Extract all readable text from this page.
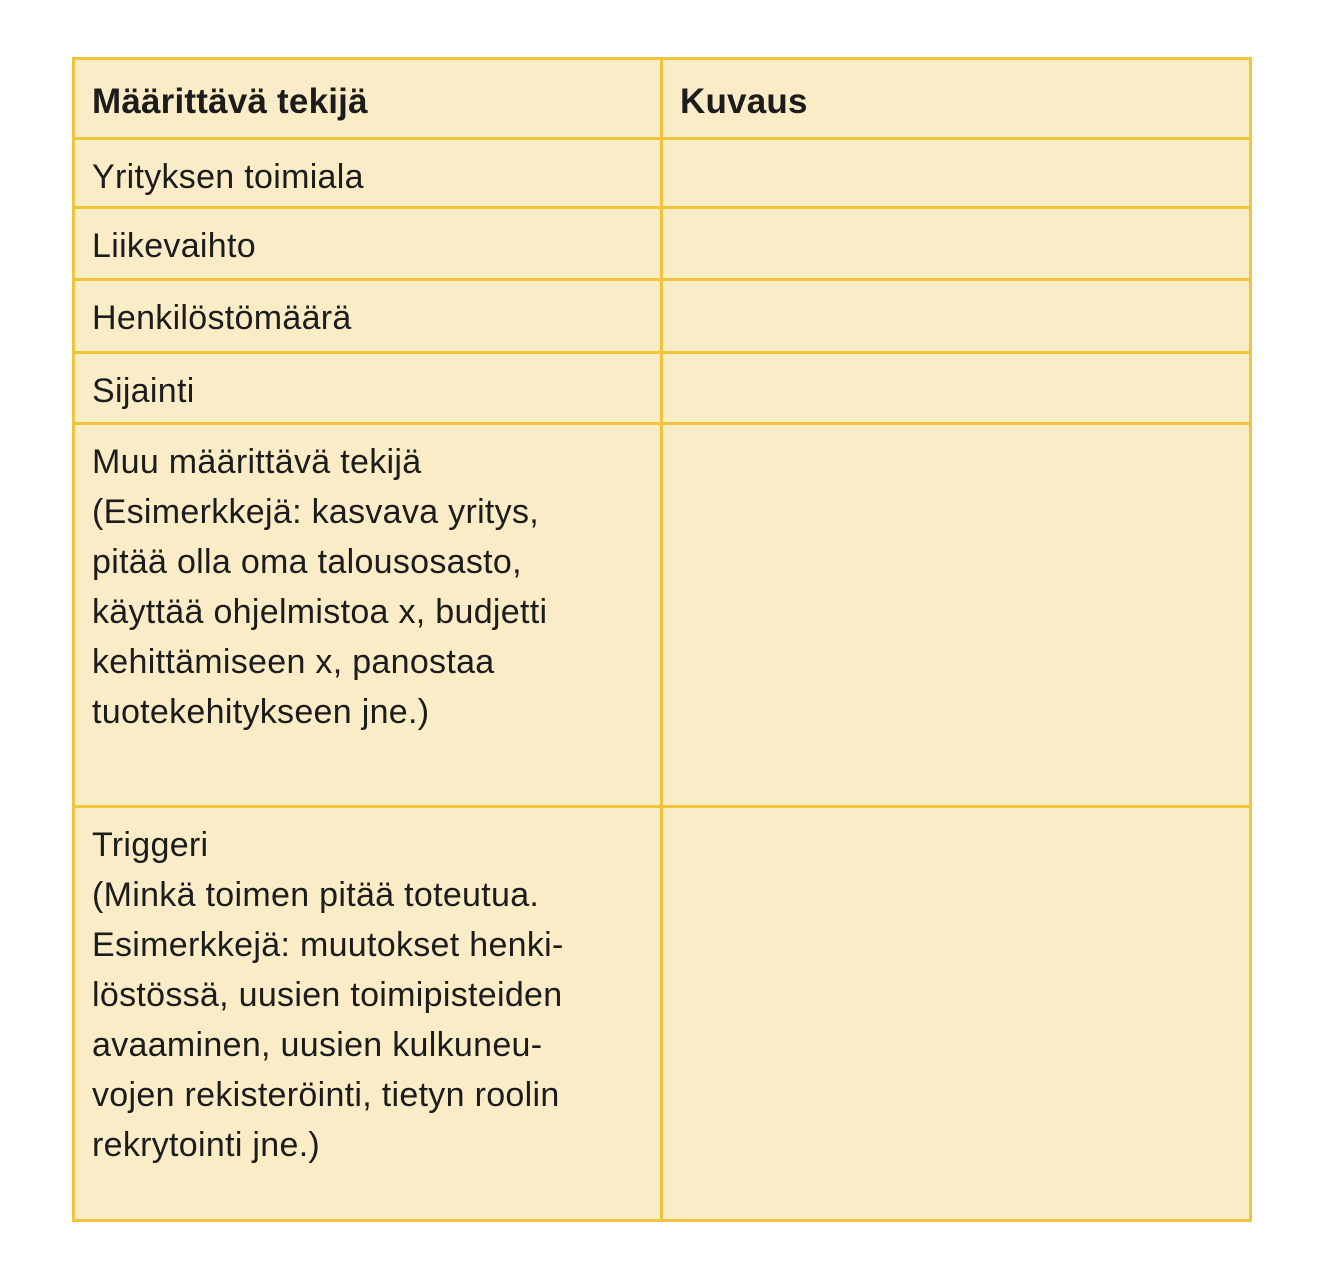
Määrittävä tekijä	Kuvaus
Yrityksen toimiala
Liikevaihto
Henkilöstömäärä
Sijainti
Muu määrittävä tekijä
(Esimerkkejä: kasvava yritys,
pitää olla oma talousosasto,
käyttää ohjelmistoa x, budjetti
kehittämiseen x, panostaa
tuotekehitykseen jne.)
Triggeri
(Minkä toimen pitää toteutua.
Esimerkkejä: muutokset henki-
löstössä, uusien toimipisteiden
avaaminen, uusien kulkuneu-
vojen rekisteröinti, tietyn roolin
rekrytointi jne.)
